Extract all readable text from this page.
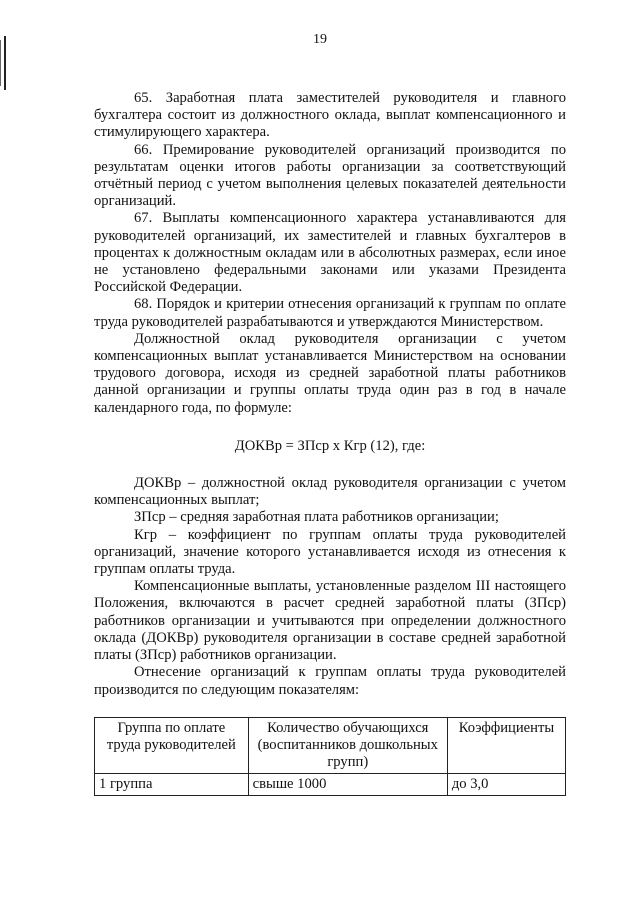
19

65. Заработная плата заместителей руководителя и главного бухгалтера состоит из должностного оклада, выплат компенсационного и стимулирующего характера.

66. Премирование руководителей организаций производится по результатам оценки итогов работы организации за соответствующий отчётный период с учетом выполнения целевых показателей деятельности организаций.

67. Выплаты компенсационного характера устанавливаются для руководителей организаций, их заместителей и главных бухгалтеров в процентах к должностным окладам или в абсолютных размерах, если иное не установлено федеральными законами или указами Президента Российской Федерации.

68. Порядок и критерии отнесения организаций к группам по оплате труда руководителей разрабатываются и утверждаются Министерством.

Должностной оклад руководителя организации с учетом компенсационных выплат устанавливается Министерством на основании трудового договора, исходя из средней заработной платы работников данной организации и группы оплаты труда один раз в год в начале календарного года, по формуле:

ДОКВр = ЗПср х Кгр (12), где:

ДОКВр – должностной оклад руководителя организации с учетом компенсационных выплат;

ЗПср – средняя заработная плата работников организации;

Кгр – коэффициент по группам оплаты труда руководителей организаций, значение которого устанавливается исходя из отнесения к группам оплаты труда.

Компенсационные выплаты, установленные разделом III настоящего Положения, включаются в расчет средней заработной платы (ЗПср) работников организации и учитываются при определении должностного оклада (ДОКВр) руководителя организации в составе средней заработной платы (ЗПср) работников организации.

Отнесение организаций к группам оплаты труда руководителей производится по следующим показателям:

Группа по оплате труда руководителей	Количество обучающихся (воспитанников дошкольных групп)	Коэффициенты
1 группа	свыше 1000	до 3,0
